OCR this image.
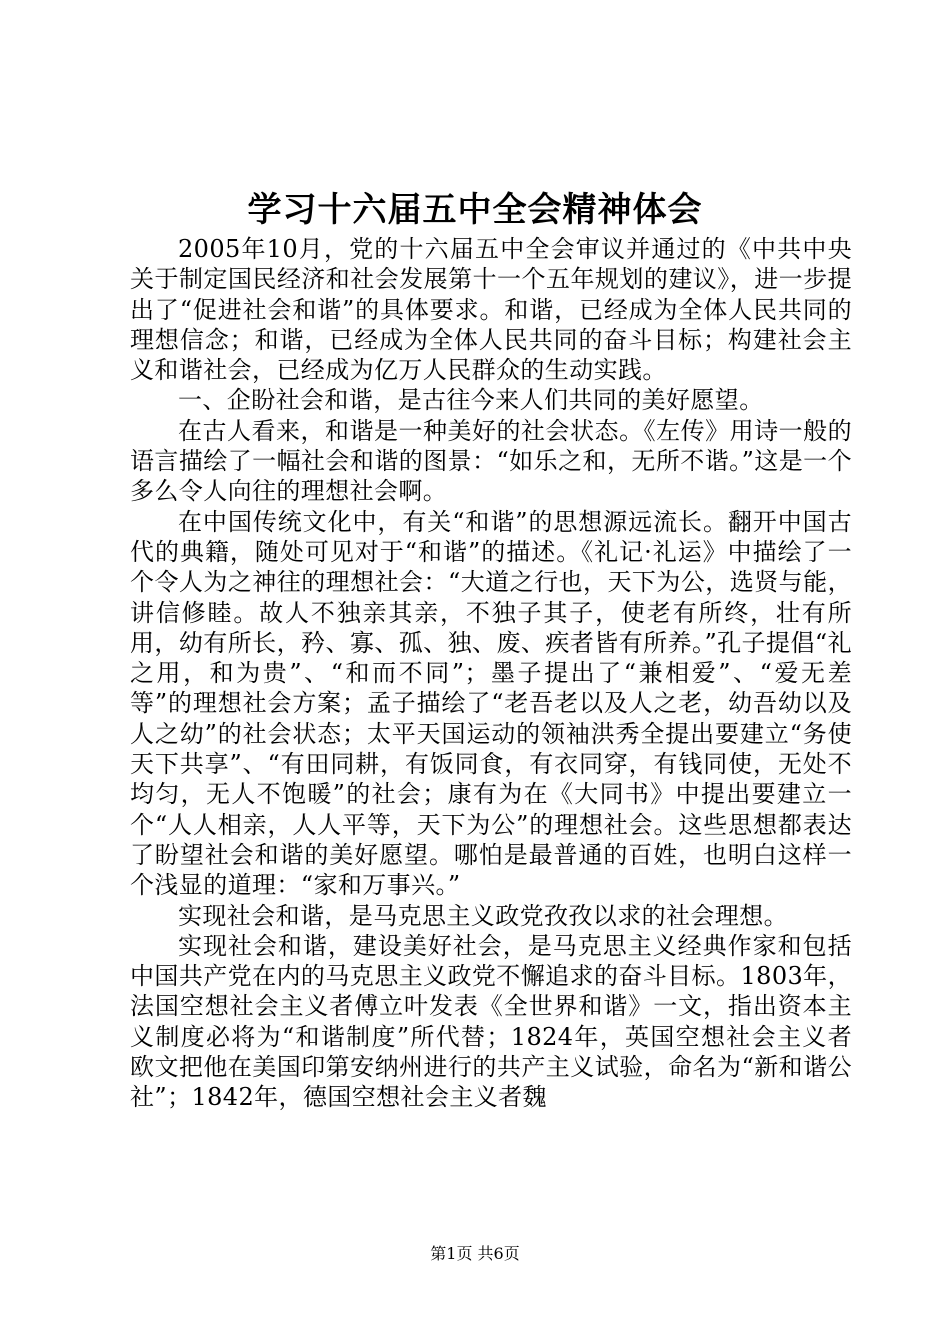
学习十六届五中全会精神体会

2005年10月，党的十六届五中全会审议并通过的《中共中央关于制定国民经济和社会发展第十一个五年规划的建议》，进一步提出了“促进社会和谐”的具体要求。和谐，已经成为全体人民共同的理想信念；和谐，已经成为全体人民共同的奋斗目标；构建社会主义和谐社会，已经成为亿万人民群众的生动实践。

一、企盼社会和谐，是古往今来人们共同的美好愿望。

在古人看来，和谐是一种美好的社会状态。《左传》用诗一般的语言描绘了一幅社会和谐的图景：“如乐之和，无所不谐。”这是一个多么令人向往的理想社会啊。

在中国传统文化中，有关“和谐”的思想源远流长。翻开中国古代的典籍，随处可见对于“和谐”的描述。《礼记·礼运》中描绘了一个令人为之神往的理想社会：“大道之行也，天下为公，选贤与能，讲信修睦。故人不独亲其亲，不独子其子，使老有所终，壮有所用，幼有所长，矜、寡、孤、独、废、疾者皆有所养。”孔子提倡“礼之用，和为贵”、“和而不同”；墨子提出了“兼相爱”、“爱无差等”的理想社会方案；孟子描绘了“老吾老以及人之老，幼吾幼以及人之幼”的社会状态；太平天国运动的领袖洪秀全提出要建立“务使天下共享”、“有田同耕，有饭同食，有衣同穿，有钱同使，无处不均匀，无人不饱暖”的社会；康有为在《大同书》中提出要建立一个“人人相亲，人人平等，天下为公”的理想社会。这些思想都表达了盼望社会和谐的美好愿望。哪怕是最普通的百姓，也明白这样一个浅显的道理：“家和万事兴。”

实现社会和谐，是马克思主义政党孜孜以求的社会理想。

实现社会和谐，建设美好社会，是马克思主义经典作家和包括中国共产党在内的马克思主义政党不懈追求的奋斗目标。1803年，法国空想社会主义者傅立叶发表《全世界和谐》一文，指出资本主义制度必将为“和谐制度”所代替；1824年，英国空想社会主义者欧文把他在美国印第安纳州进行的共产主义试验，命名为“新和谐公社”；1842年，德国空想社会主义者魏

第1页 共6页
